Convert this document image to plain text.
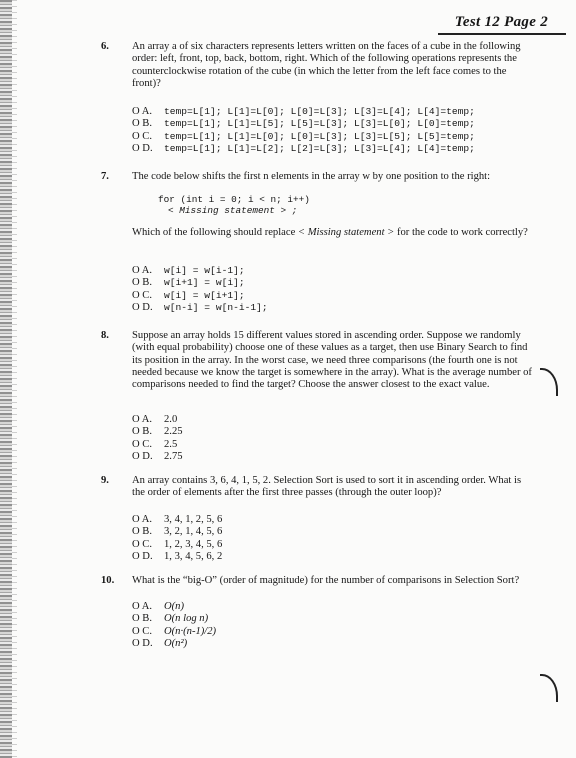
Test 12 Page 2
6. An array a of six characters represents letters written on the faces of a cube in the following order: left, front, top, back, bottom, right. Which of the following operations represents the counterclockwise rotation of the cube (in which the letter from the left face comes to the front)?
O A. temp=L[1]; L[1]=L[0]; L[0]=L[3]; L[3]=L[4]; L[4]=temp;
O B. temp=L[1]; L[1]=L[5]; L[5]=L[3]; L[3]=L[0]; L[0]=temp;
O C. temp=L[1]; L[1]=L[0]; L[0]=L[3]; L[3]=L[5]; L[5]=temp;
O D. temp=L[1]; L[1]=L[2]; L[2]=L[3]; L[3]=L[4]; L[4]=temp;
7. The code below shifts the first n elements in the array w by one position to the right:
for (int i = 0; i < n; i++)
< Missing statement > ;
Which of the following should replace < Missing statement > for the code to work correctly?
O A. w[i] = w[i-1];
O B. w[i+1] = w[i];
O C. w[i] = w[i+1];
O D. w[n-i] = w[n-i-1];
8. Suppose an array holds 15 different values stored in ascending order. Suppose we randomly (with equal probability) choose one of these values as a target, then use Binary Search to find its position in the array. In the worst case, we need three comparisons (the fourth one is not needed because we know the target is somewhere in the array). What is the average number of comparisons needed to find the target? Choose the answer closest to the exact value.
O A. 2.0
O B. 2.25
O C. 2.5
O D. 2.75
9. An array contains 3, 6, 4, 1, 5, 2. Selection Sort is used to sort it in ascending order. What is the order of elements after the first three passes (through the outer loop)?
O A. 3, 4, 1, 2, 5, 6
O B. 3, 2, 1, 4, 5, 6
O C. 1, 2, 3, 4, 5, 6
O D. 1, 3, 4, 5, 6, 2
10. What is the “big-O” (order of magnitude) for the number of comparisons in Selection Sort?
O A. O(n)
O B. O(n log n)
O C. O(n·(n-1)/2)
O D. O(n²)
